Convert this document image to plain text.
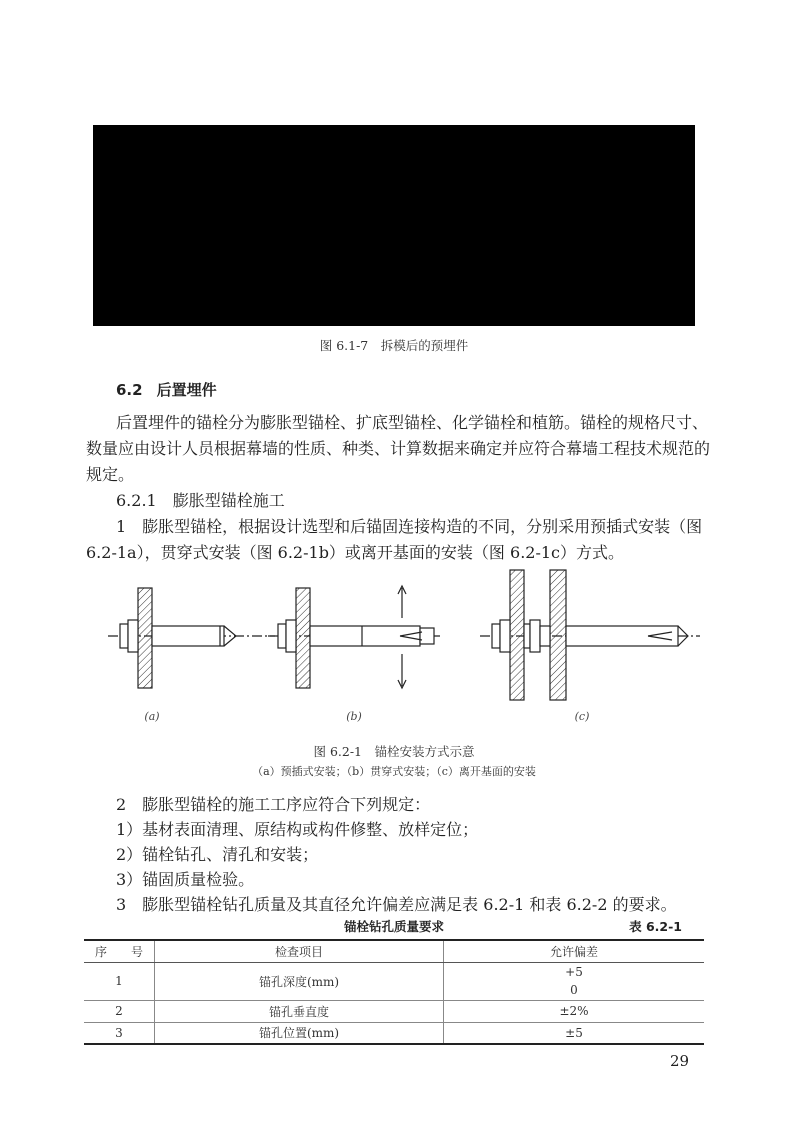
图 6.1-7　拆模后的预埋件
6.2 后置埋件
后置埋件的锚栓分为膨胀型锚栓、扩底型锚栓、化学锚栓和植筋。锚栓的规格尺寸、
数量应由设计人员根据幕墙的性质、种类、计算数据来确定并应符合幕墙工程技术规范的
规定。
6.2.1　膨胀型锚栓施工
1　膨胀型锚栓，根据设计选型和后锚固连接构造的不同，分别采用预插式安装（图
6.2-1a），贯穿式安装（图 6.2-1b）或离开基面的安装（图 6.2-1c）方式。
(a)	(b)	(c)
图 6.2-1　锚栓安装方式示意
（a）预插式安装；（b）贯穿式安装；（c）离开基面的安装
2　膨胀型锚栓的施工工序应符合下列规定：
1）基材表面清理、原结构或构件修整、放样定位；
2）锚栓钻孔、清孔和安装；
3）锚固质量检验。
3　膨胀型锚栓钻孔质量及其直径允许偏差应满足表 6.2-1 和表 6.2-2 的要求。
锚栓钻孔质量要求	表 6.2-1
序　　号	检查项目	允许偏差
1	锚孔深度(mm)	+5
0

2	锚孔垂直度	±2%
3	锚孔位置(mm)	±5
29
